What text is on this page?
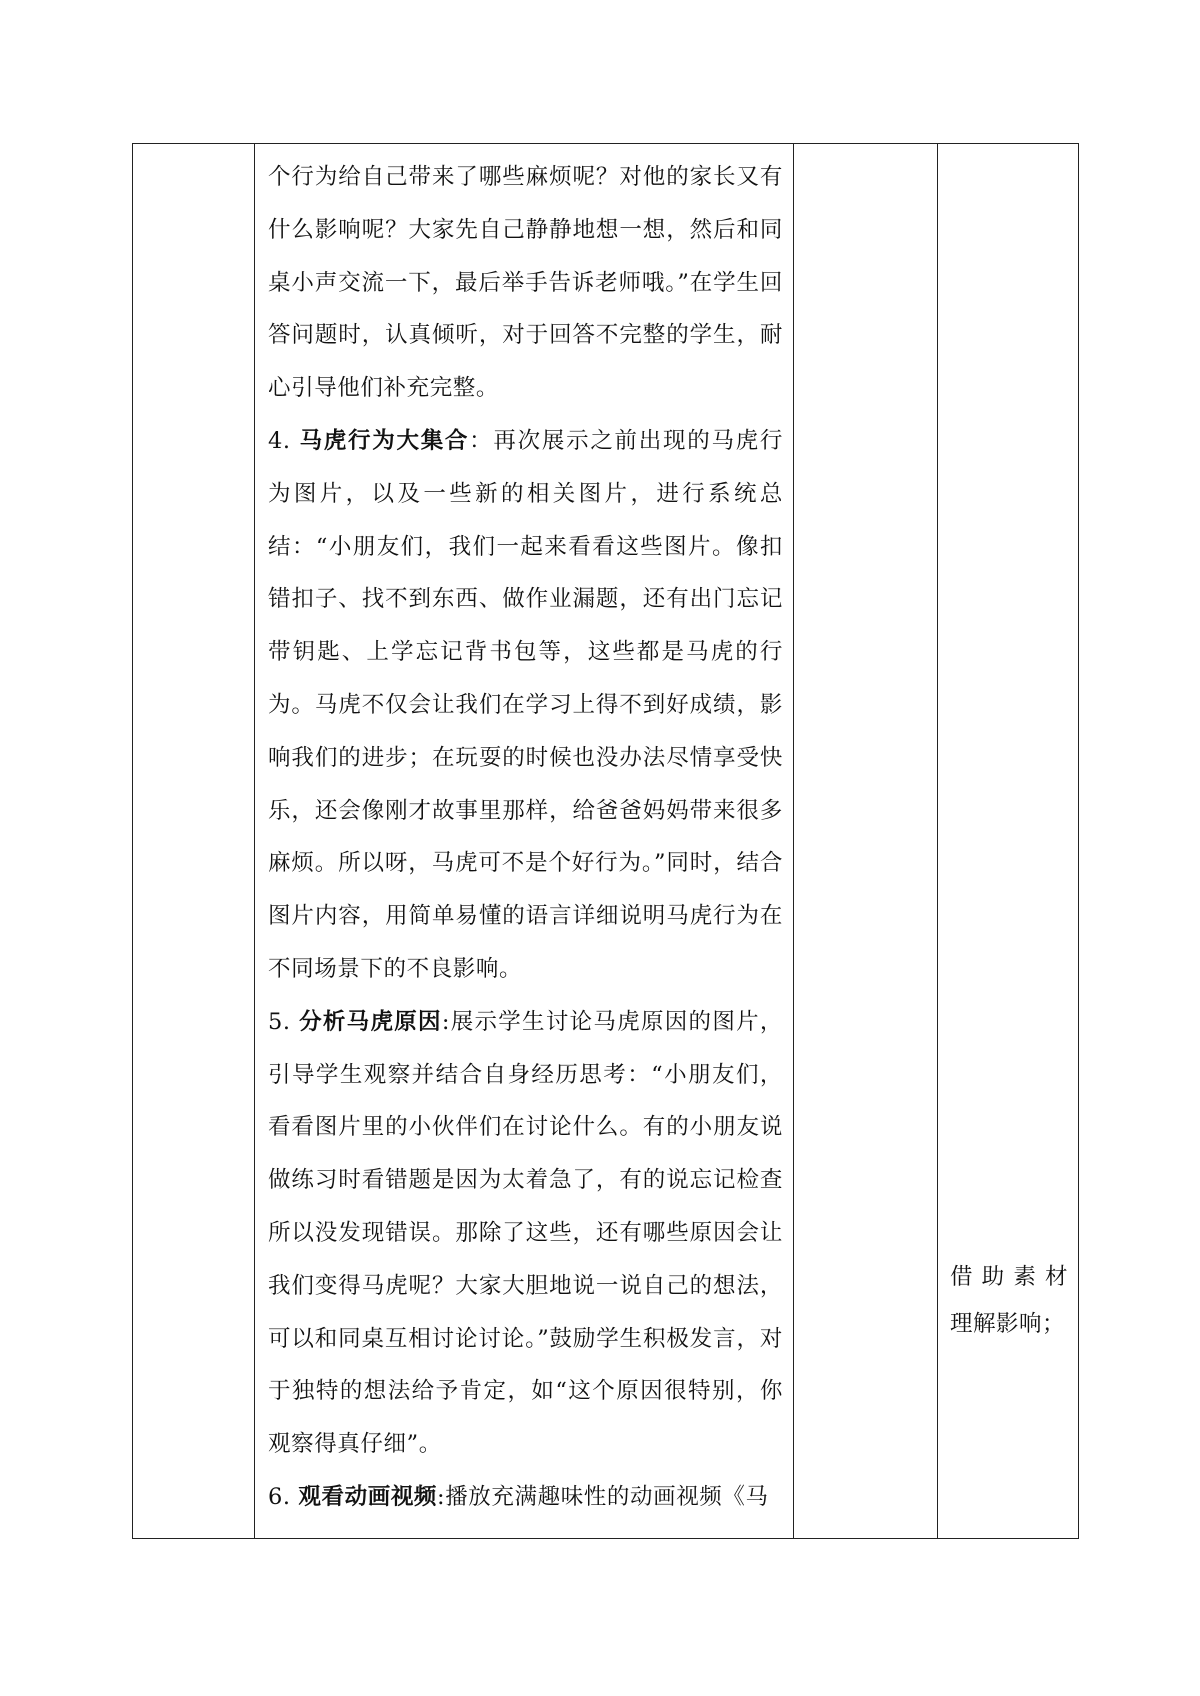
个行为给自己带来了哪些麻烦呢？对他的家长又有什么影响呢？大家先自己静静地想一想，然后和同桌小声交流一下，最后举手告诉老师哦。”在学生回答问题时，认真倾听，对于回答不完整的学生，耐心引导他们补充完整。

4. 马虎行为大集合：再次展示之前出现的马虎行为图片，以及一些新的相关图片，进行系统总结：“小朋友们，我们一起来看看这些图片。像扣错扣子、找不到东西、做作业漏题，还有出门忘记带钥匙、上学忘记背书包等，这些都是马虎的行为。马虎不仅会让我们在学习上得不到好成绩，影响我们的进步；在玩耍的时候也没办法尽情享受快乐，还会像刚才故事里那样，给爸爸妈妈带来很多麻烦。所以呀，马虎可不是个好行为。”同时，结合图片内容，用简单易懂的语言详细说明马虎行为在不同场景下的不良影响。

5. 分析马虎原因:展示学生讨论马虎原因的图片，引导学生观察并结合自身经历思考：“小朋友们，看看图片里的小伙伴们在讨论什么。有的小朋友说做练习时看错题是因为太着急了，有的说忘记检查所以没发现错误。那除了这些，还有哪些原因会让我们变得马虎呢？大家大胆地说一说自己的想法，可以和同桌互相讨论讨论。”鼓励学生积极发言，对于独特的想法给予肯定，如“这个原因很特别，你观察得真仔细”。

6. 观看动画视频:播放充满趣味性的动画视频《马

借 助 素 材
理解影响；
